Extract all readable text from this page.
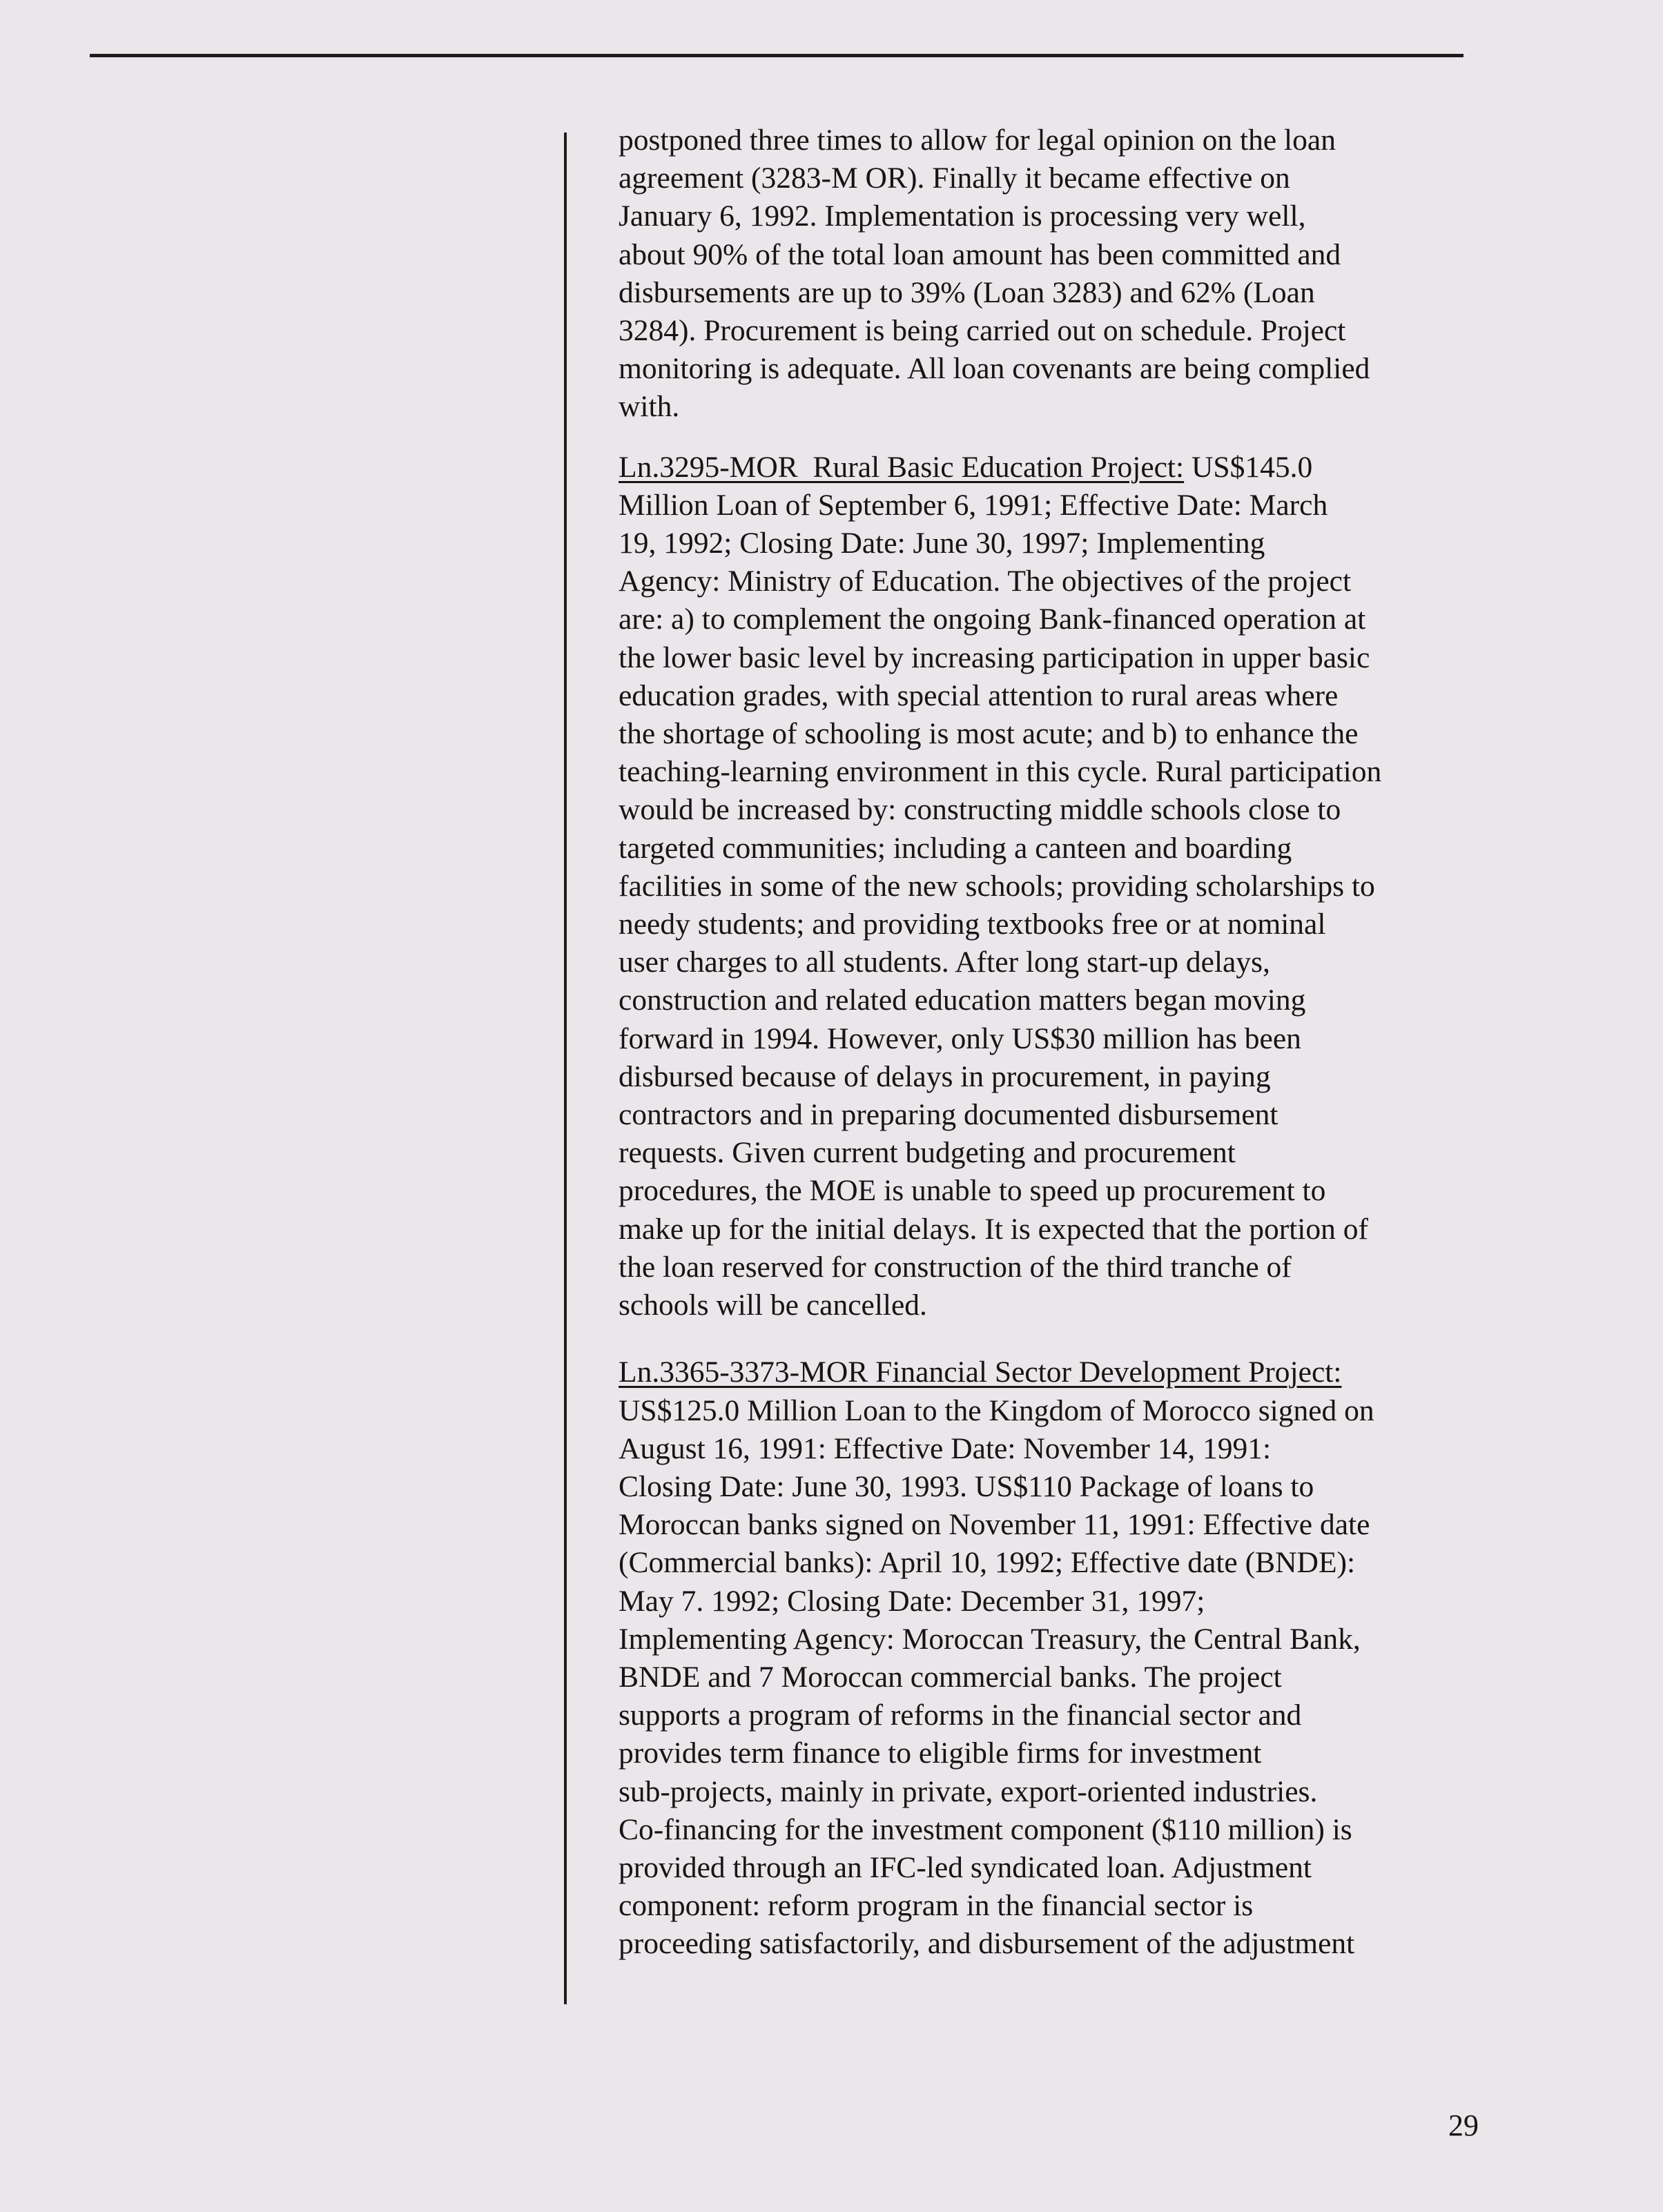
postponed three times to allow for legal opinion on the loan
agreement (3283-M OR). Finally it became effective on
January 6, 1992. Implementation is processing very well,
about 90% of the total loan amount has been committed and
disbursements are up to 39% (Loan 3283) and 62% (Loan
3284). Procurement is being carried out on schedule. Project
monitoring is adequate. All loan covenants are being complied
with.
Ln.3295-MOR  Rural Basic Education Project: US$145.0
Million Loan of September 6, 1991; Effective Date: March
19, 1992; Closing Date: June 30, 1997; Implementing
Agency: Ministry of Education. The objectives of the project
are: a) to complement the ongoing Bank-financed operation at
the lower basic level by increasing participation in upper basic
education grades, with special attention to rural areas where
the shortage of schooling is most acute; and b) to enhance the
teaching-learning environment in this cycle. Rural participation
would be increased by: constructing middle schools close to
targeted communities; including a canteen and boarding
facilities in some of the new schools; providing scholarships to
needy students; and providing textbooks free or at nominal
user charges to all students. After long start-up delays,
construction and related education matters began moving
forward in 1994. However, only US$30 million has been
disbursed because of delays in procurement, in paying
contractors and in preparing documented disbursement
requests. Given current budgeting and procurement
procedures, the MOE is unable to speed up procurement to
make up for the initial delays. It is expected that the portion of
the loan reserved for construction of the third tranche of
schools will be cancelled.
Ln.3365-3373-MOR Financial Sector Development Project:
US$125.0 Million Loan to the Kingdom of Morocco signed on
August 16, 1991: Effective Date: November 14, 1991:
Closing Date: June 30, 1993. US$110 Package of loans to
Moroccan banks signed on November 11, 1991: Effective date
(Commercial banks): April 10, 1992; Effective date (BNDE):
May 7. 1992; Closing Date: December 31, 1997;
Implementing Agency: Moroccan Treasury, the Central Bank,
BNDE and 7 Moroccan commercial banks. The project
supports a program of reforms in the financial sector and
provides term finance to eligible firms for investment
sub-projects, mainly in private, export-oriented industries.
Co-financing for the investment component ($110 million) is
provided through an IFC-led syndicated loan. Adjustment
component: reform program in the financial sector is
proceeding satisfactorily, and disbursement of the adjustment
29
